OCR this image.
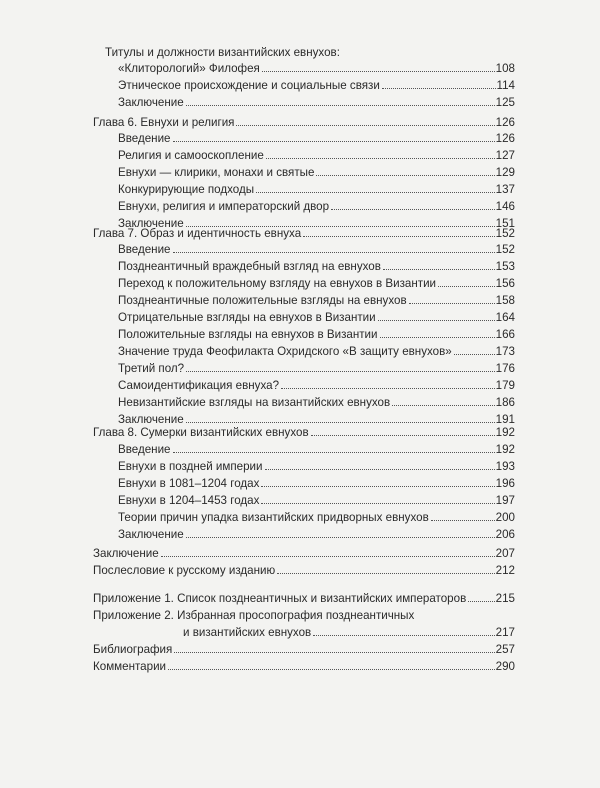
Титулы и должности византийских евнухов:
«Клиторологий» Филофея	108
Этническое происхождение и социальные связи	114
Заключение	125
Глава 6. Евнухи и религия	126
Введение	126
Религия и самооскопление	127
Евнухи — клирики, монахи и святые	129
Конкурирующие подходы	137
Евнухи, религия и императорский двор	146
Заключение	151
Глава 7. Образ и идентичность евнуха	152
Введение	152
Позднеантичный враждебный взгляд на евнухов	153
Переход к положительному взгляду на евнухов в Византии	156
Позднеантичные положительные взгляды на евнухов	158
Отрицательные взгляды на евнухов в Византии	164
Положительные взгляды на евнухов в Византии	166
Значение труда Феофилакта Охридского «В защиту евнухов»	173
Третий пол?	176
Самоидентификация евнуха?	179
Невизантийские взгляды на византийских евнухов	186
Заключение	191
Глава 8. Сумерки византийских евнухов	192
Введение	192
Евнухи в поздней империи	193
Евнухи в 1081–1204 годах	196
Евнухи в 1204–1453 годах	197
Теории причин упадка византийских придворных евнухов	200
Заключение	206
Заключение	207
Послесловие к русскому изданию	212
Приложение 1. Список позднеантичных и византийских императоров	215
Приложение 2. Избранная просопография позднеантичных
и византийских евнухов	217
Библиография	257
Комментарии	290
